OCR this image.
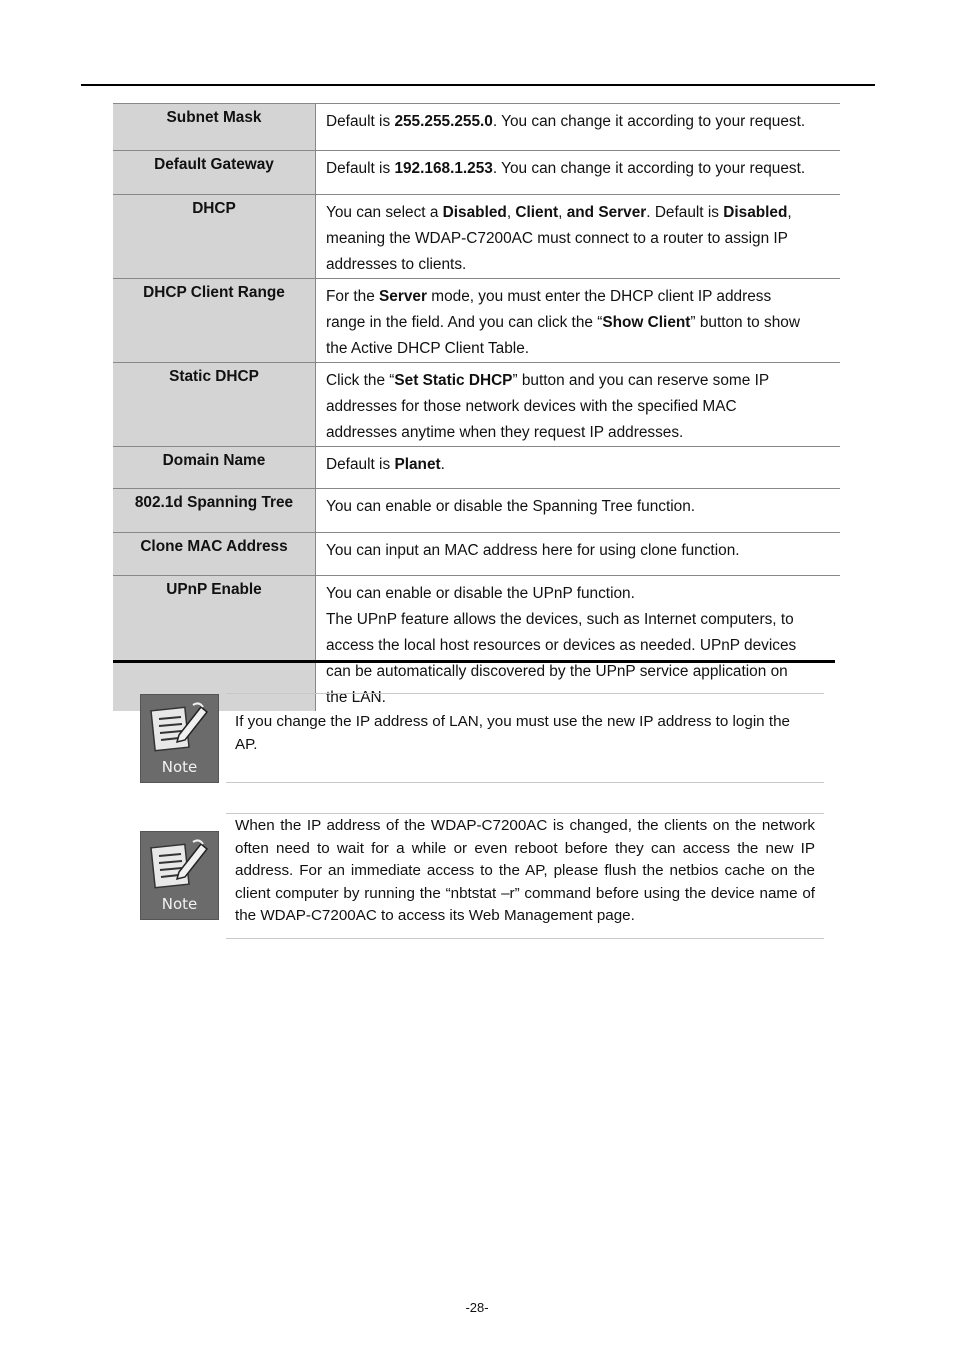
Subnet Mask	Default is 255.255.255.0. You can change it according to your request.

Default Gateway	Default is 192.168.1.253. You can change it according to your request.

DHCP	You can select a Disabled, Client, and Server. Default is Disabled,
meaning the WDAP-C7200AC must connect to a router to assign IP
addresses to clients.

DHCP Client Range	For the Server mode, you must enter the DHCP client IP address
range in the field. And you can click the “Show Client” button to show
the Active DHCP Client Table.

Static DHCP	Click the “Set Static DHCP” button and you can reserve some IP
addresses for those network devices with the specified MAC
addresses anytime when they request IP addresses.

Domain Name	Default is Planet.

802.1d Spanning Tree	You can enable or disable the Spanning Tree function.

Clone MAC Address	You can input an MAC address here for using clone function.

UPnP Enable	You can enable or disable the UPnP function.
The UPnP feature allows the devices, such as Internet computers, to
access the local host resources or devices as needed. UPnP devices
can be automatically discovered by the UPnP service application on
the LAN.
Note
If you change the IP address of LAN, you must use the new IP address to login the AP.
Note
When the IP address of the WDAP-C7200AC is changed, the clients on the network often need to wait for a while or even reboot before they can access the new IP address. For an immediate access to the AP, please flush the netbios cache on the client computer by running the “nbtstat –r” command before using the device name of the WDAP-C7200AC to access its Web Management page.
-28-
